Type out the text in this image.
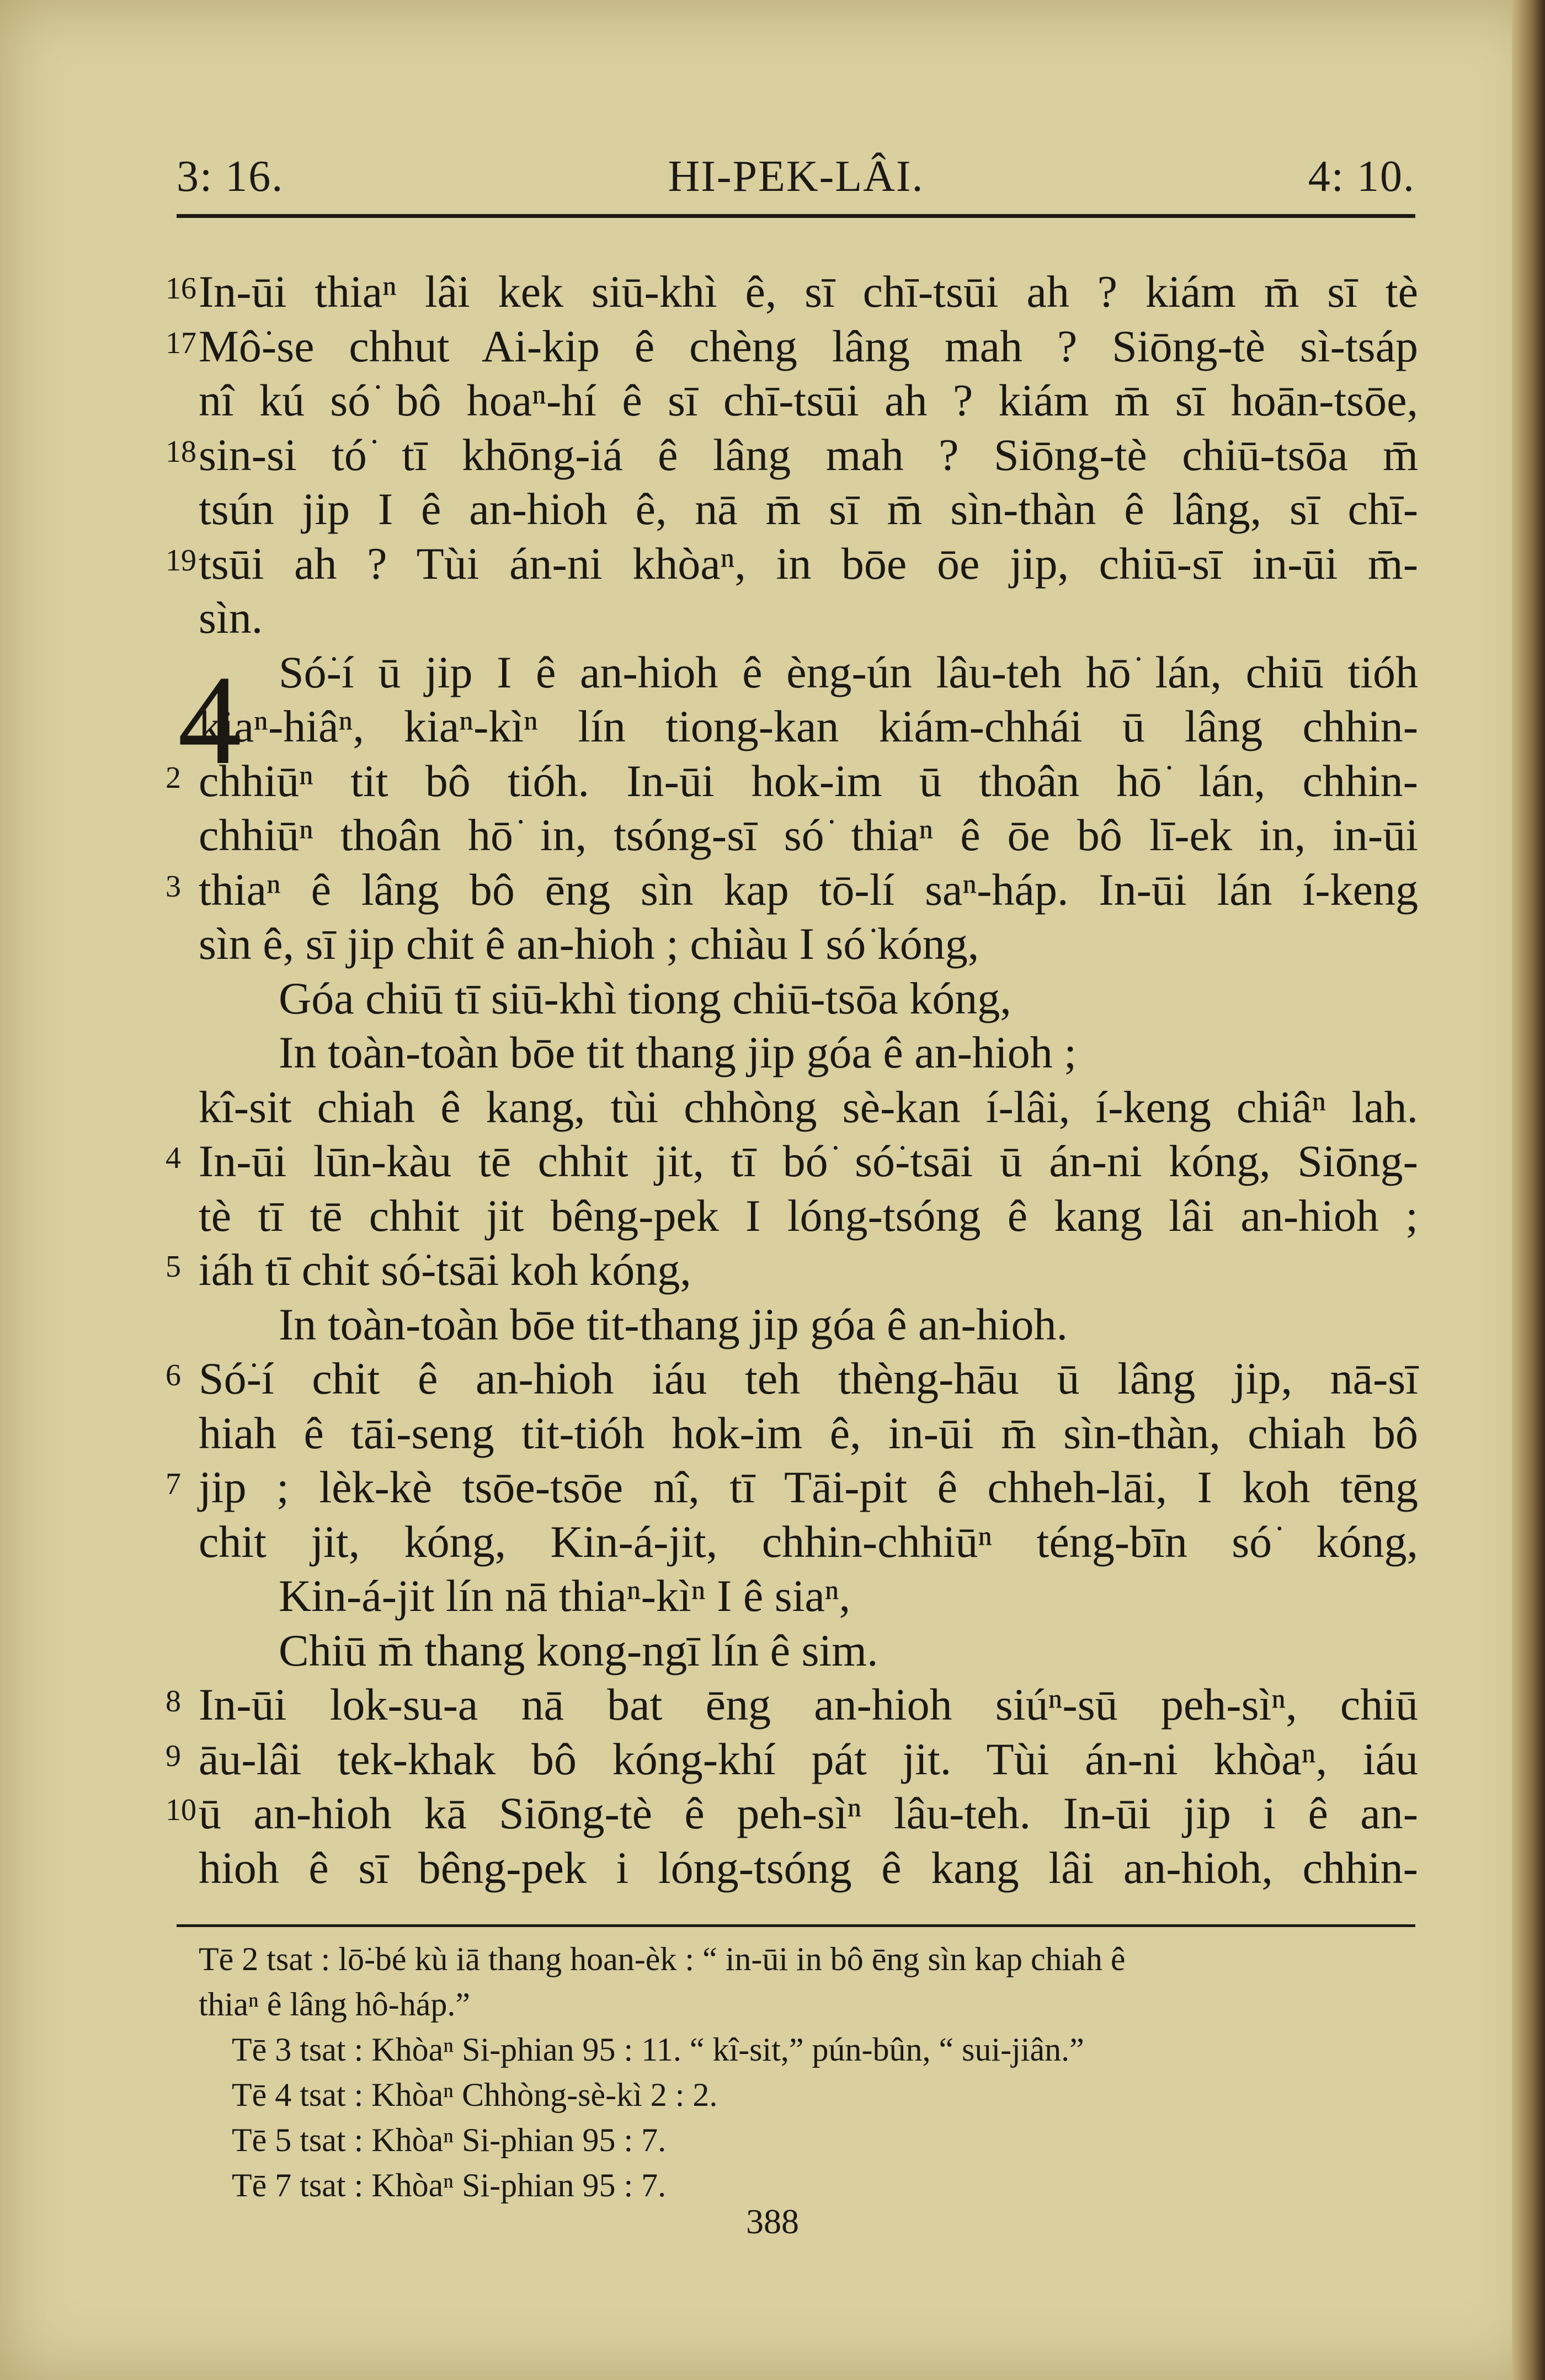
3: 16.	HI-PEK-LÂI.	4: 10.
4
16 In-ūi thiaⁿ lâi kek siū-khì ê, sī chī-tsūi ah ? kiám m̄ sī tè
17 Mô͘-se chhut Ai-kip ê chèng lâng mah ? Siōng-tè sì-tsáp
nî kú só͘ bô hoaⁿ-hí ê sī chī-tsūi ah ? kiám m̄ sī hoān-tsōe,
18 sin-si tó͘ tī khōng-iá ê lâng mah ? Siōng-tè chiū-tsōa m̄
tsún jip I ê an-hioh ê, nā m̄ sī m̄ sìn-thàn ê lâng, sī chī-
19 tsūi ah ? Tùi án-ni khòaⁿ, in bōe ōe jip, chiū-sī in-ūi m̄-
sìn.
Só͘-í ū jip I ê an-hioh ê èng-ún lâu-teh hō͘ lán, chiū tióh
kiaⁿ-hiâⁿ, kiaⁿ-kìⁿ lín tiong-kan kiám-chhái ū lâng chhin-
2 chhiūⁿ tit bô tióh. In-ūi hok-im ū thoân hō͘ lán, chhin-
chhiūⁿ thoân hō͘ in, tsóng-sī só͘ thiaⁿ ê ōe bô lī-ek in, in-ūi
3 thiaⁿ ê lâng bô ēng sìn kap tō-lí saⁿ-háp. In-ūi lán í-keng
sìn ê, sī jip chit ê an-hioh ; chiàu I só͘ kóng,
Góa chiū tī siū-khì tiong chiū-tsōa kóng,
In toàn-toàn bōe tit thang jip góa ê an-hioh ;
kî-sit chiah ê kang, tùi chhòng sè-kan í-lâi, í-keng chiâⁿ lah.
4 In-ūi lūn-kàu tē chhit jit, tī bó͘ só͘-tsāi ū án-ni kóng, Siōng-
tè tī tē chhit jit bêng-pek I lóng-tsóng ê kang lâi an-hioh ;
5 iáh tī chit só͘-tsāi koh kóng,
In toàn-toàn bōe tit-thang jip góa ê an-hioh.
6 Só͘-í chit ê an-hioh iáu teh thèng-hāu ū lâng jip, nā-sī
hiah ê tāi-seng tit-tióh hok-im ê, in-ūi m̄ sìn-thàn, chiah bô
7 jip ; lèk-kè tsōe-tsōe nî, tī Tāi-pit ê chheh-lāi, I koh tēng
chit jit, kóng, Kin-á-jit, chhin-chhiūⁿ téng-bīn só͘ kóng,
Kin-á-jit lín nā thiaⁿ-kìⁿ I ê siaⁿ,
Chiū m̄ thang kong-ngī lín ê sim.
8 In-ūi lok-su-a nā bat ēng an-hioh siúⁿ-sū peh-sìⁿ, chiū
9 āu-lâi tek-khak bô kóng-khí pát jit. Tùi án-ni khòaⁿ, iáu
10 ū an-hioh kā Siōng-tè ê peh-sìⁿ lâu-teh. In-ūi jip i ê an-
hioh ê sī bêng-pek i lóng-tsóng ê kang lâi an-hioh, chhin-
Tē 2 tsat : lō͘-bé kù iā thang hoan-èk : “ in-ūi in bô ēng sìn kap chiah ê
thiaⁿ ê lâng hô-háp.”
Tē 3 tsat : Khòaⁿ Si-phian 95 : 11. “ kî-sit,” pún-bûn, “ sui-jiân.”
Tē 4 tsat : Khòaⁿ Chhòng-sè-kì 2 : 2.
Tē 5 tsat : Khòaⁿ Si-phian 95 : 7.
Tē 7 tsat : Khòaⁿ Si-phian 95 : 7.
388
